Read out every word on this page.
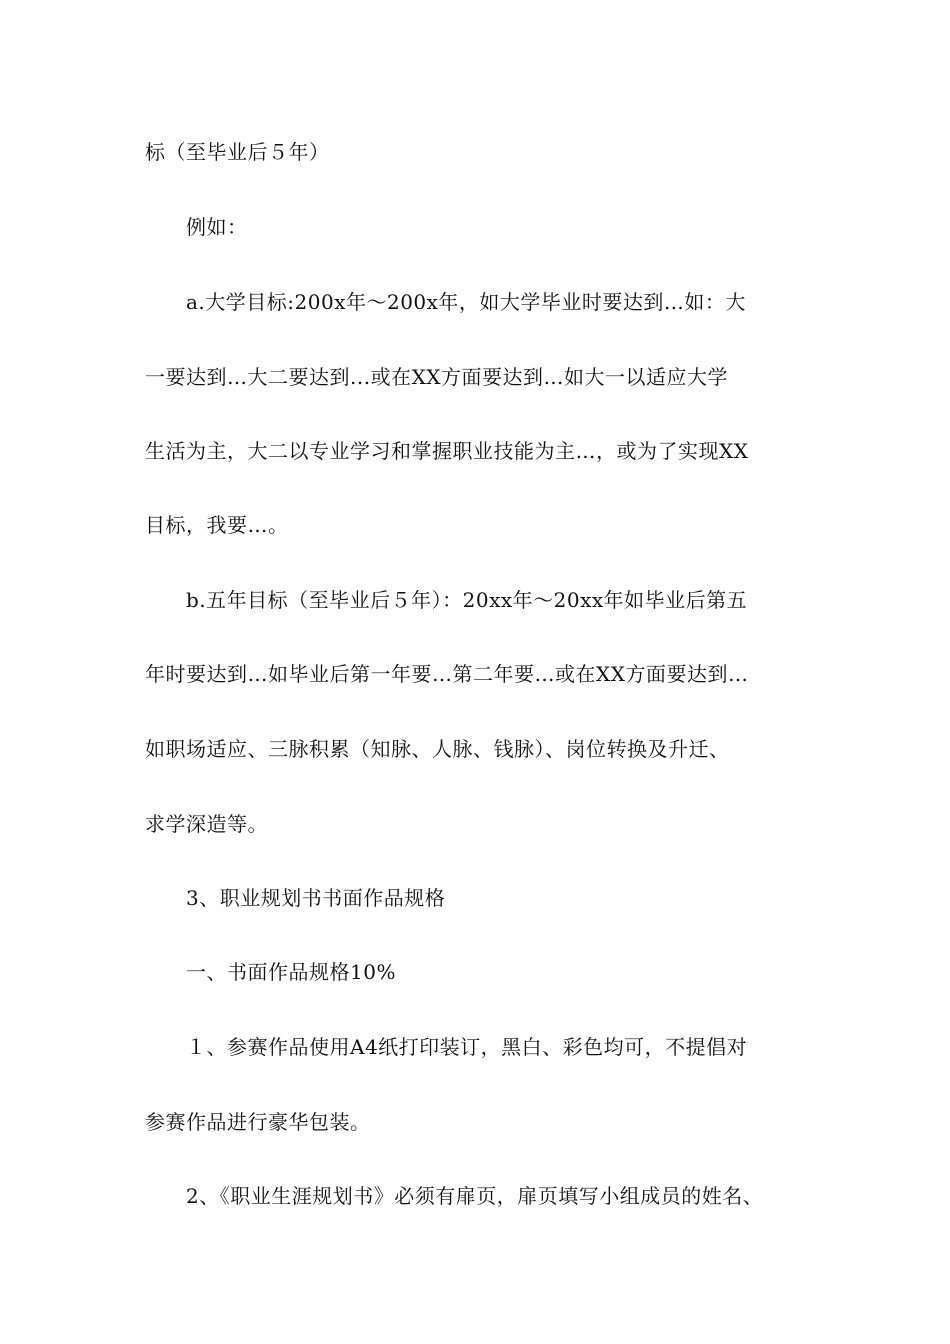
标（至毕业后５年）
例如：
a.大学目标:200x年～200x年，如大学毕业时要达到…如：大
一要达到…大二要达到...或在XX方面要达到…如大一以适应大学
生活为主，大二以专业学习和掌握职业技能为主…，或为了实现XX
目标，我要…。
b.五年目标（至毕业后５年）：20xx年～20xx年如毕业后第五
年时要达到…如毕业后第一年要…第二年要…或在XX方面要达到…
如职场适应、三脉积累（知脉、人脉、钱脉）、岗位转换及升迁、
求学深造等。
3、职业规划书书面作品规格
一、书面作品规格10%
１、参赛作品使用A4纸打印装订，黑白、彩色均可，不提倡对
参赛作品进行豪华包装。
2、《职业生涯规划书》必须有扉页，扉页填写小组成员的姓名、
